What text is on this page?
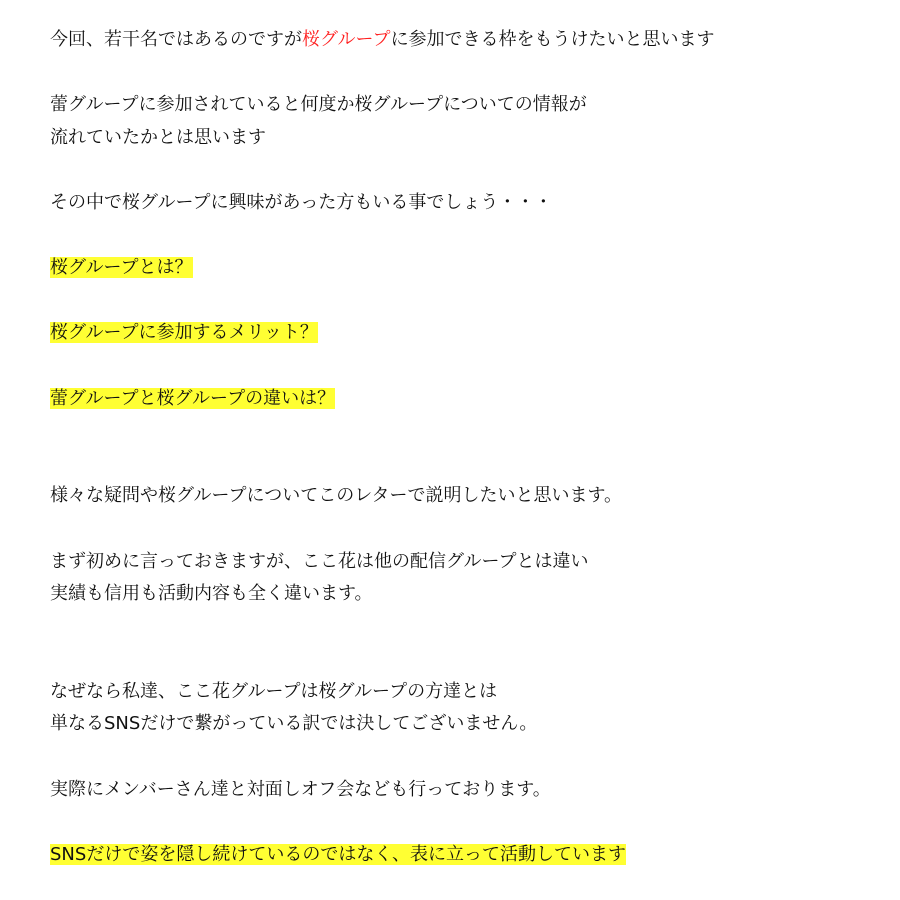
今回、若干名ではあるのですが桜グループに参加できる枠をもうけたいと思います
蕾グループに参加されていると何度か桜グループについての情報が
流れていたかとは思います
その中で桜グループに興味があった方もいる事でしょう・・・
桜グループとは？
桜グループに参加するメリット？
蕾グループと桜グループの違いは？
様々な疑問や桜グループについてこのレターで説明したいと思います。
まず初めに言っておきますが、ここ花は他の配信グループとは違い
実績も信用も活動内容も全く違います。
なぜなら私達、ここ花グループは桜グループの方達とは
単なるSNSだけで繋がっている訳では決してございません。
実際にメンバーさん達と対面しオフ会なども行っております。
SNSだけで姿を隠し続けているのではなく、表に立って活動しています
